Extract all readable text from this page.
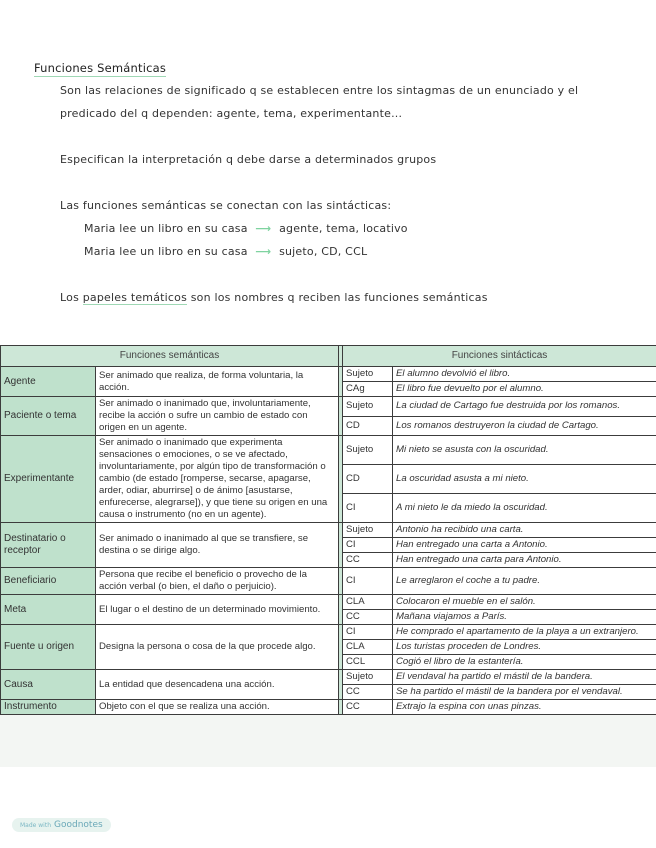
Funciones Semánticas
Son las relaciones de significado q se establecen entre los sintagmas de un enunciado y el
predicado del q dependen: agente, tema, experimentante...
Especifican la interpretación q debe darse a determinados grupos
Las funciones semánticas se conectan con las sintácticas:
Maria lee un libro en su casa ⟶ agente, tema, locativo
Maria lee un libro en su casa ⟶ sujeto, CD, CCL
Los papeles temáticos son los nombres q reciben las funciones semánticas
Funciones semánticas			Funciones sintácticas	
Agente	Ser animado que realiza, de forma voluntaria, la acción.		Sujeto	El alumno devolvió el libro.
			CAg	El libro fue devuelto por el alumno.
Paciente o tema	Ser animado o inanimado que, involuntariamente, recibe la acción o sufre un cambio de estado con origen en un agente.		Sujeto	La ciudad de Cartago fue destruida por los romanos.
			CD	Los romanos destruyeron la ciudad de Cartago.
Experimentante	Ser animado o inanimado que experimenta sensaciones o emociones, o se ve afectado, involuntariamente, por algún tipo de transformación o cambio (de estado [romperse, secarse, apagarse, arder, odiar, aburrirse] o de ánimo [asustarse, enfurecerse, alegrarse]), y que tiene su origen en una causa o instrumento (no en un agente).		Sujeto	Mi nieto se asusta con la oscuridad.
			CD	La oscuridad asusta a mi nieto.
			CI	A mi nieto le da miedo la oscuridad.
Destinatario o receptor	Ser animado o inanimado al que se transfiere, se destina o se dirige algo.		Sujeto	Antonio ha recibido una carta.
			CI	Han entregado una carta a Antonio.
			CC	Han entregado una carta para Antonio.
Beneficiario	Persona que recibe el beneficio o provecho de la acción verbal (o bien, el daño o perjuicio).		CI	Le arreglaron el coche a tu padre.
Meta	El lugar o el destino de un determinado movimiento.		CLA	Colocaron el mueble en el salón.
			CC	Mañana viajamos a París.
Fuente u origen	Designa la persona o cosa de la que procede algo.		CI	He comprado el apartamento de la playa a un extranjero.
			CLA	Los turistas proceden de Londres.
			CCL	Cogió el libro de la estantería.
Causa	La entidad que desencadena una acción.		Sujeto	El vendaval ha partido el mástil de la bandera.
			CC	Se ha partido el mástil de la bandera por el vendaval.
Instrumento	Objeto con el que se realiza una acción.		CC	Extrajo la espina con unas pinzas.
Made with Goodnotes
